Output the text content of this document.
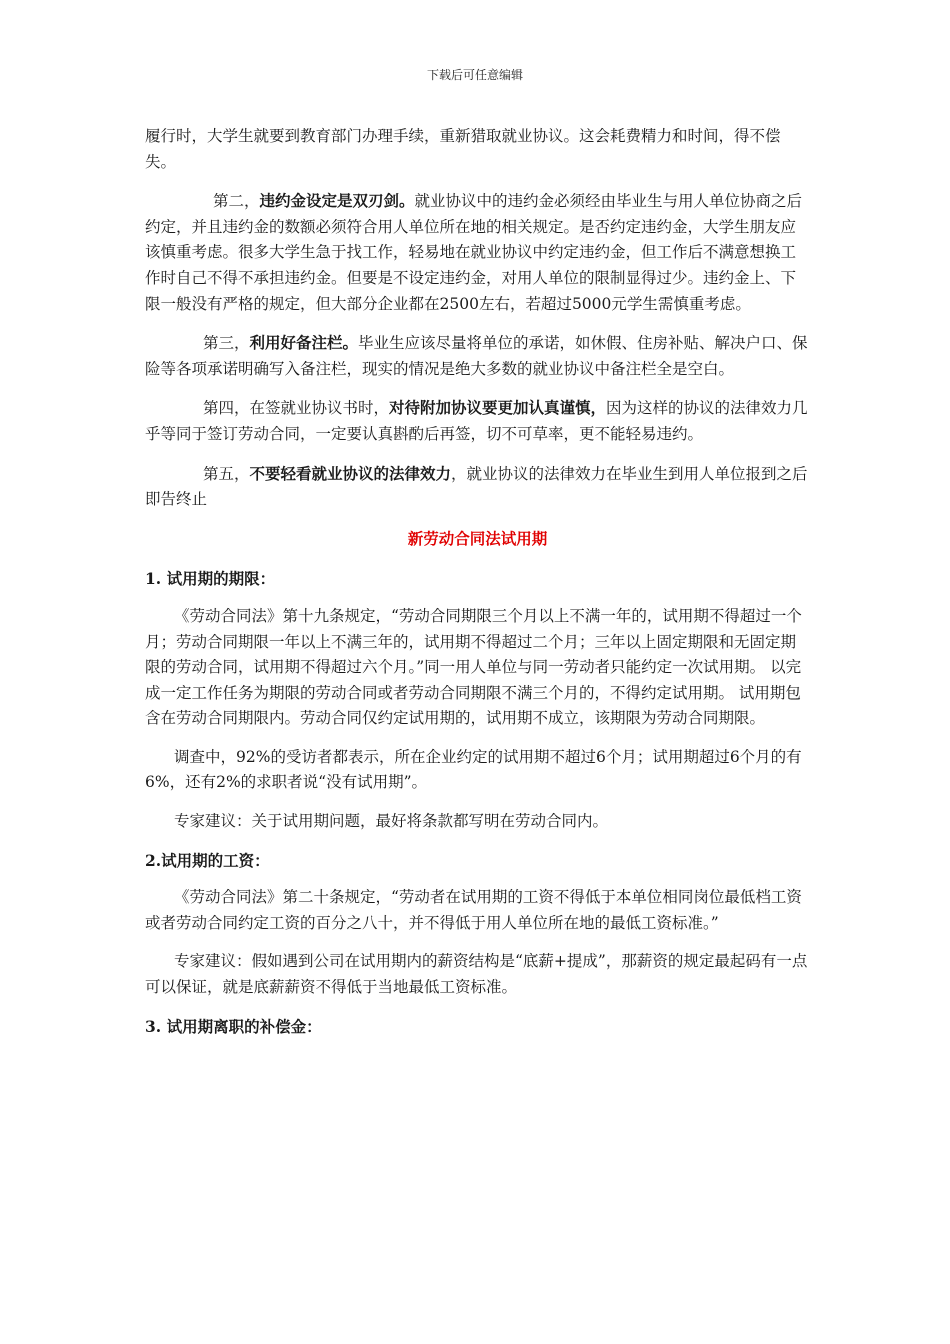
下载后可任意编辑

履行时，大学生就要到教育部门办理手续，重新猎取就业协议。这会耗费精力和时间，得不偿失。

第二，违约金设定是双刃剑。就业协议中的违约金必须经由毕业生与用人单位协商之后约定，并且违约金的数额必须符合用人单位所在地的相关规定。是否约定违约金，大学生朋友应该慎重考虑。很多大学生急于找工作，轻易地在就业协议中约定违约金，但工作后不满意想换工作时自己不得不承担违约金。但要是不设定违约金，对用人单位的限制显得过少。违约金上、下限一般没有严格的规定，但大部分企业都在2500左右，若超过5000元学生需慎重考虑。

第三，利用好备注栏。毕业生应该尽量将单位的承诺，如休假、住房补贴、解决户口、保险等各项承诺明确写入备注栏，现实的情况是绝大多数的就业协议中备注栏全是空白。

第四，在签就业协议书时，对待附加协议要更加认真谨慎，因为这样的协议的法律效力几乎等同于签订劳动合同，一定要认真斟酌后再签，切不可草率，更不能轻易违约。

第五，不要轻看就业协议的法律效力，就业协议的法律效力在毕业生到用人单位报到之后即告终止

新劳动合同法试用期
1. 试用期的期限：

《劳动合同法》第十九条规定，“劳动合同期限三个月以上不满一年的，试用期不得超过一个月；劳动合同期限一年以上不满三年的，试用期不得超过二个月；三年以上固定期限和无固定期限的劳动合同，试用期不得超过六个月。”同一用人单位与同一劳动者只能约定一次试用期。 以完成一定工作任务为期限的劳动合同或者劳动合同期限不满三个月的，不得约定试用期。 试用期包含在劳动合同期限内。劳动合同仅约定试用期的，试用期不成立，该期限为劳动合同期限。

调查中，92%的受访者都表示，所在企业约定的试用期不超过6个月；试用期超过6个月的有6%，还有2%的求职者说“没有试用期”。

专家建议：关于试用期问题，最好将条款都写明在劳动合同内。

2.试用期的工资：

《劳动合同法》第二十条规定，“劳动者在试用期的工资不得低于本单位相同岗位最低档工资或者劳动合同约定工资的百分之八十，并不得低于用人单位所在地的最低工资标准。”

专家建议：假如遇到公司在试用期内的薪资结构是“底薪+提成”，那薪资的规定最起码有一点可以保证，就是底薪薪资不得低于当地最低工资标准。

3. 试用期离职的补偿金：
